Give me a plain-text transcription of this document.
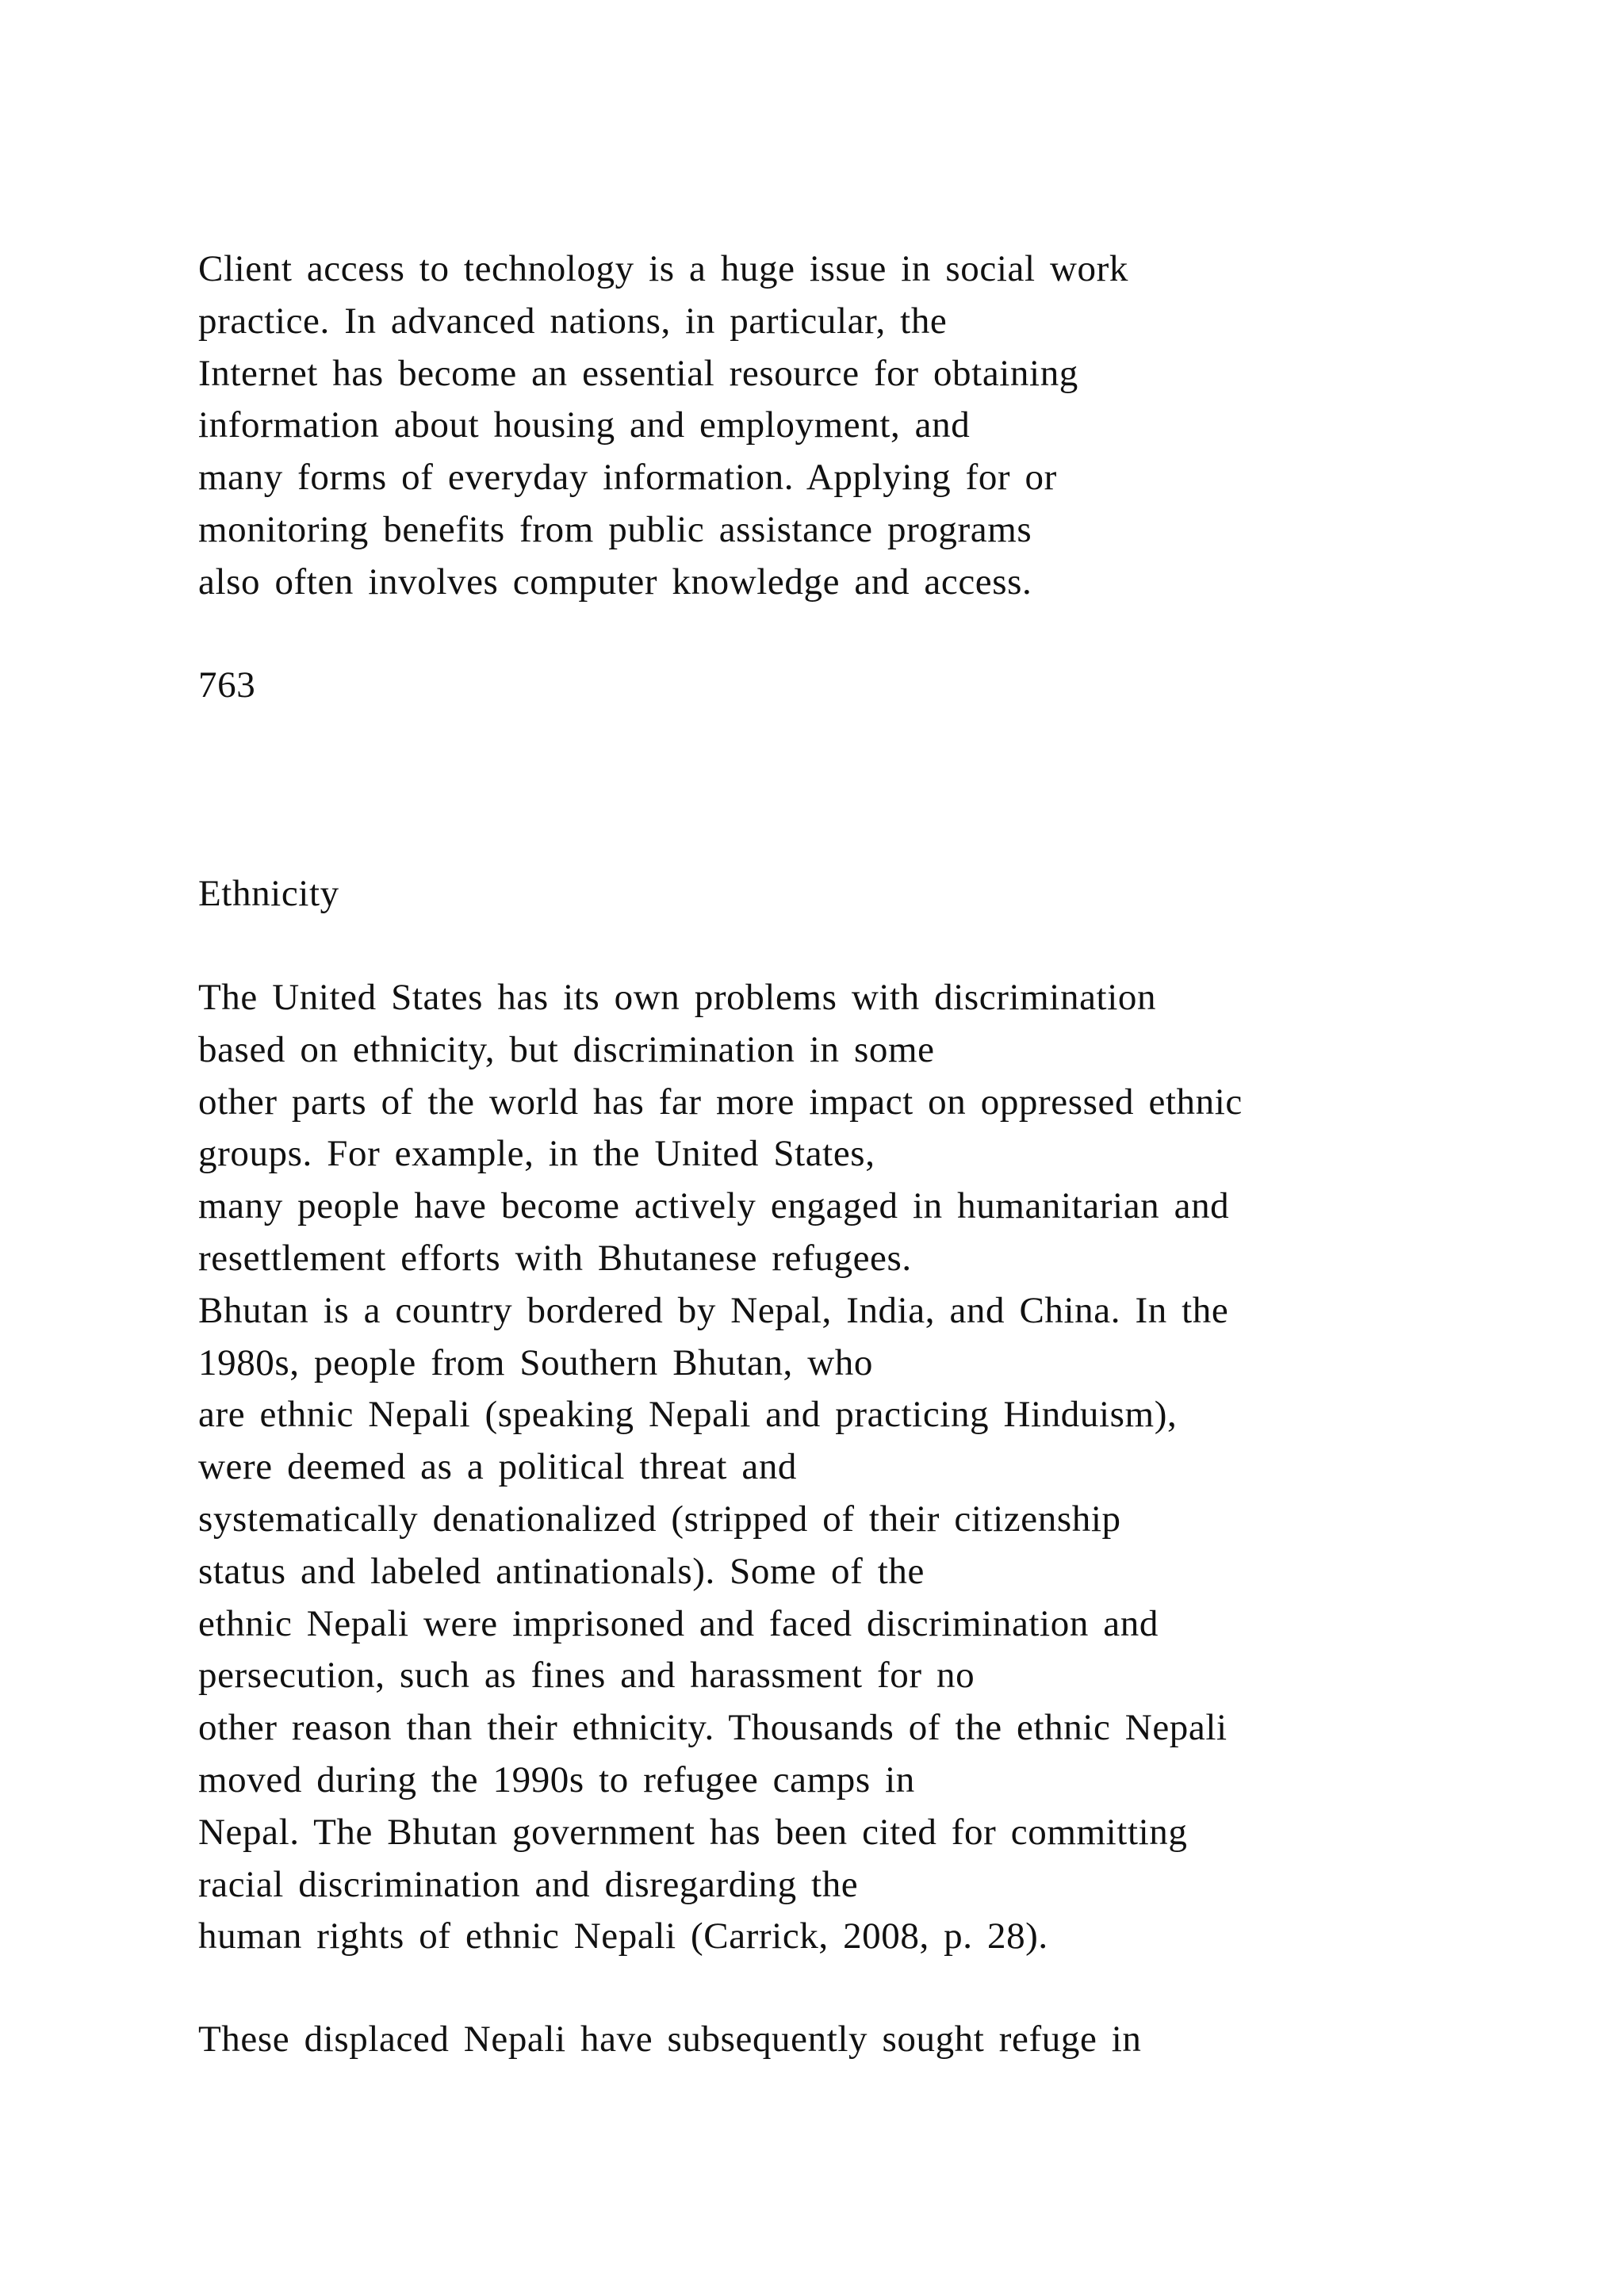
Client access to technology is a huge issue in social work
practice. In advanced nations, in particular, the
Internet has become an essential resource for obtaining
information about housing and employment, and
many forms of everyday information. Applying for or
monitoring benefits from public assistance programs
also often involves computer knowledge and access.
763
Ethnicity
The United States has its own problems with discrimination
based on ethnicity, but discrimination in some
other parts of the world has far more impact on oppressed ethnic
groups. For example, in the United States,
many people have become actively engaged in humanitarian and
resettlement efforts with Bhutanese refugees.
Bhutan is a country bordered by Nepal, India, and China. In the
1980s, people from Southern Bhutan, who
are ethnic Nepali (speaking Nepali and practicing Hinduism),
were deemed as a political threat and
systematically denationalized (stripped of their citizenship
status and labeled antinationals). Some of the
ethnic Nepali were imprisoned and faced discrimination and
persecution, such as fines and harassment for no
other reason than their ethnicity. Thousands of the ethnic Nepali
moved during the 1990s to refugee camps in
Nepal. The Bhutan government has been cited for committing
racial discrimination and disregarding the
human rights of ethnic Nepali (Carrick, 2008, p. 28).
These displaced Nepali have subsequently sought refuge in
